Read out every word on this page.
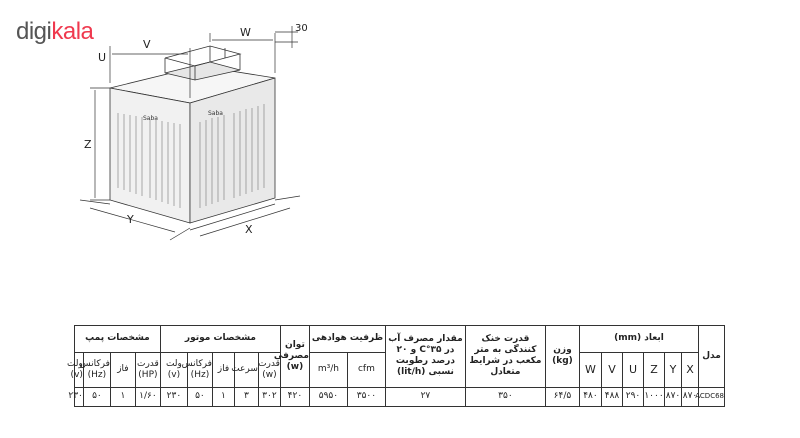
digikala
Z
Y
X
V
W	30
U
Saba
Saba
مدل	ابعاد (mm)						وزن (kg)	قدرت خنک کنندگی به متر مکعب در شرایط متعادل	مقدار مصرف آب در ۳۵°C و ۲۰ درصد رطوبت نسبی (lit/h)	ظرفیت هوادهی		توان مصرفی (w)	مشخصات موتور					مشخصات پمپ			
	X	Y	Z	U	V	W				cfm	m³/h		قدرت (w)	سرعت	فاز	فرکانس (Hz)	ولت (v)	قدرت (HP)	فاز	فرکانس (Hz)	ولت (v)
ACDC68	۸۷۰	۸۷۰	۱۰۰۰	۲۹۰	۴۸۸	۴۸۰	۶۴/۵	۳۵۰	۲۷	۳۵۰۰	۵۹۵۰	۴۲۰	۳۰۲	۳	۱	۵۰	۲۳۰	۱/۶۰	۱	۵۰	۲۳۰
